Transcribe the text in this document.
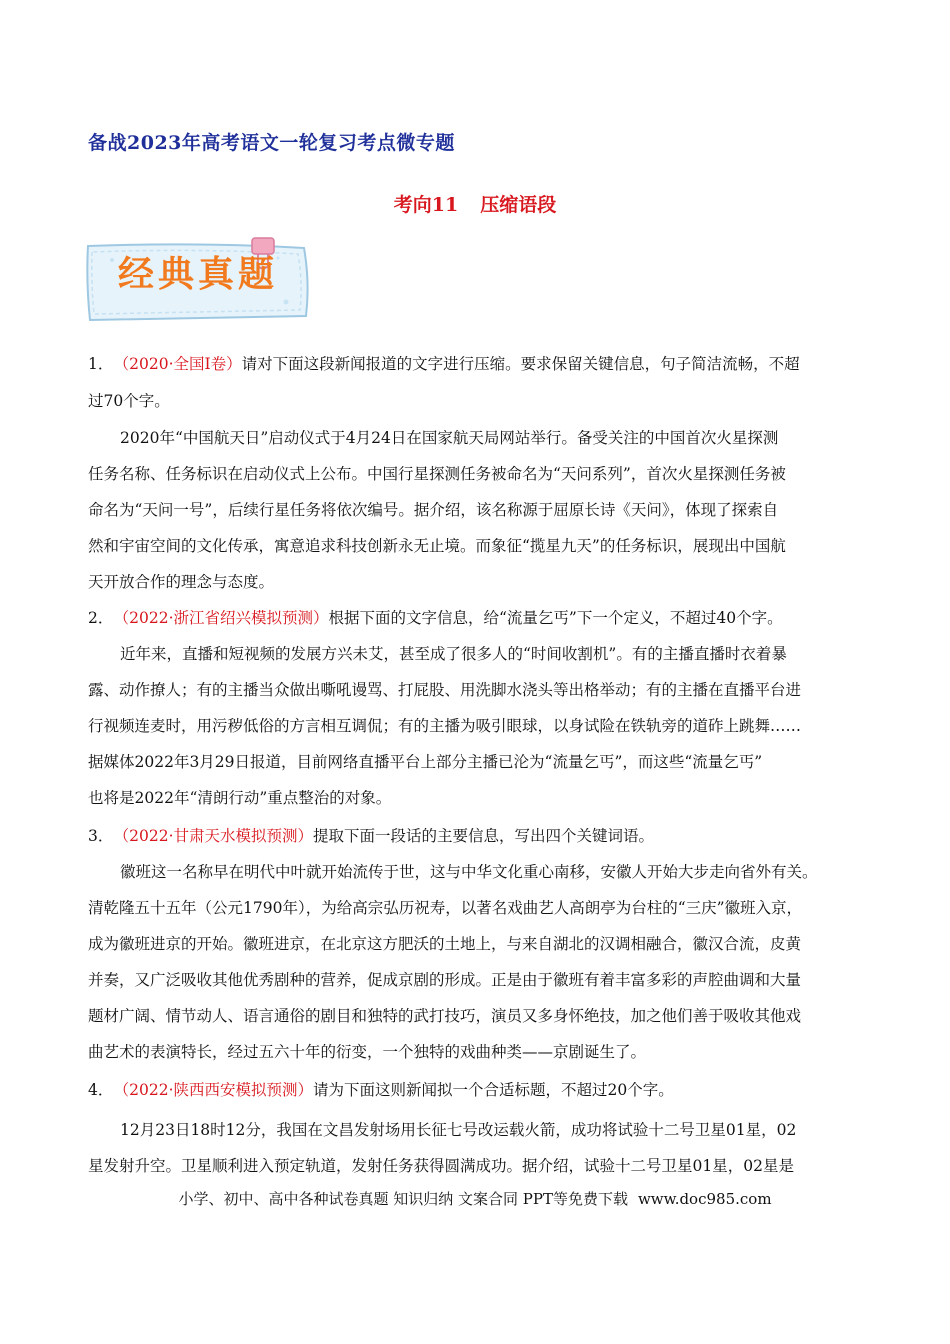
备战2023年高考语文一轮复习考点微专题
考向11 压缩语段
经典真题
1． （2020·全国Ⅰ卷）请对下面这段新闻报道的文字进行压缩。要求保留关键信息，句子简洁流畅，不超
过70个字。
2020年“中国航天日”启动仪式于4月24日在国家航天局网站举行。备受关注的中国首次火星探测
任务名称、任务标识在启动仪式上公布。中国行星探测任务被命名为“天问系列”，首次火星探测任务被
命名为“天问一号”，后续行星任务将依次编号。据介绍，该名称源于屈原长诗《天问》，体现了探索自
然和宇宙空间的文化传承，寓意追求科技创新永无止境。而象征“揽星九天”的任务标识，展现出中国航
天开放合作的理念与态度。
2． （2022·浙江省绍兴模拟预测）根据下面的文字信息，给“流量乞丐”下一个定义，不超过40个字。
近年来，直播和短视频的发展方兴未艾，甚至成了很多人的“时间收割机”。有的主播直播时衣着暴
露、动作撩人；有的主播当众做出嘶吼谩骂、打屁股、用洗脚水浇头等出格举动；有的主播在直播平台进
行视频连麦时，用污秽低俗的方言相互调侃；有的主播为吸引眼球，以身试险在铁轨旁的道砟上跳舞……
据媒体2022年3月29日报道，目前网络直播平台上部分主播已沦为“流量乞丐”，而这些“流量乞丐”
也将是2022年“清朗行动”重点整治的对象。
3． （2022·甘肃天水模拟预测）提取下面一段话的主要信息，写出四个关键词语。
徽班这一名称早在明代中叶就开始流传于世，这与中华文化重心南移，安徽人开始大步走向省外有关。
清乾隆五十五年（公元1790年），为给高宗弘历祝寿，以著名戏曲艺人高朗亭为台柱的“三庆”徽班入京，
成为徽班进京的开始。徽班进京，在北京这方肥沃的土地上，与来自湖北的汉调相融合，徽汉合流，皮黄
并奏，又广泛吸收其他优秀剧种的营养，促成京剧的形成。正是由于徽班有着丰富多彩的声腔曲调和大量
题材广阔、情节动人、语言通俗的剧目和独特的武打技巧，演员又多身怀绝技，加之他们善于吸收其他戏
曲艺术的表演特长，经过五六十年的衍变，一个独特的戏曲种类——京剧诞生了。
4． （2022·陕西西安模拟预测）请为下面这则新闻拟一个合适标题，不超过20个字。
12月23日18时12分，我国在文昌发射场用长征七号改运载火箭，成功将试验十二号卫星01星，02
星发射升空。卫星顺利进入预定轨道，发射任务获得圆满成功。据介绍，试验十二号卫星01星，02星是
小学、初中、高中各种试卷真题 知识归纳 文案合同 PPT等免费下载 www.doc985.com
